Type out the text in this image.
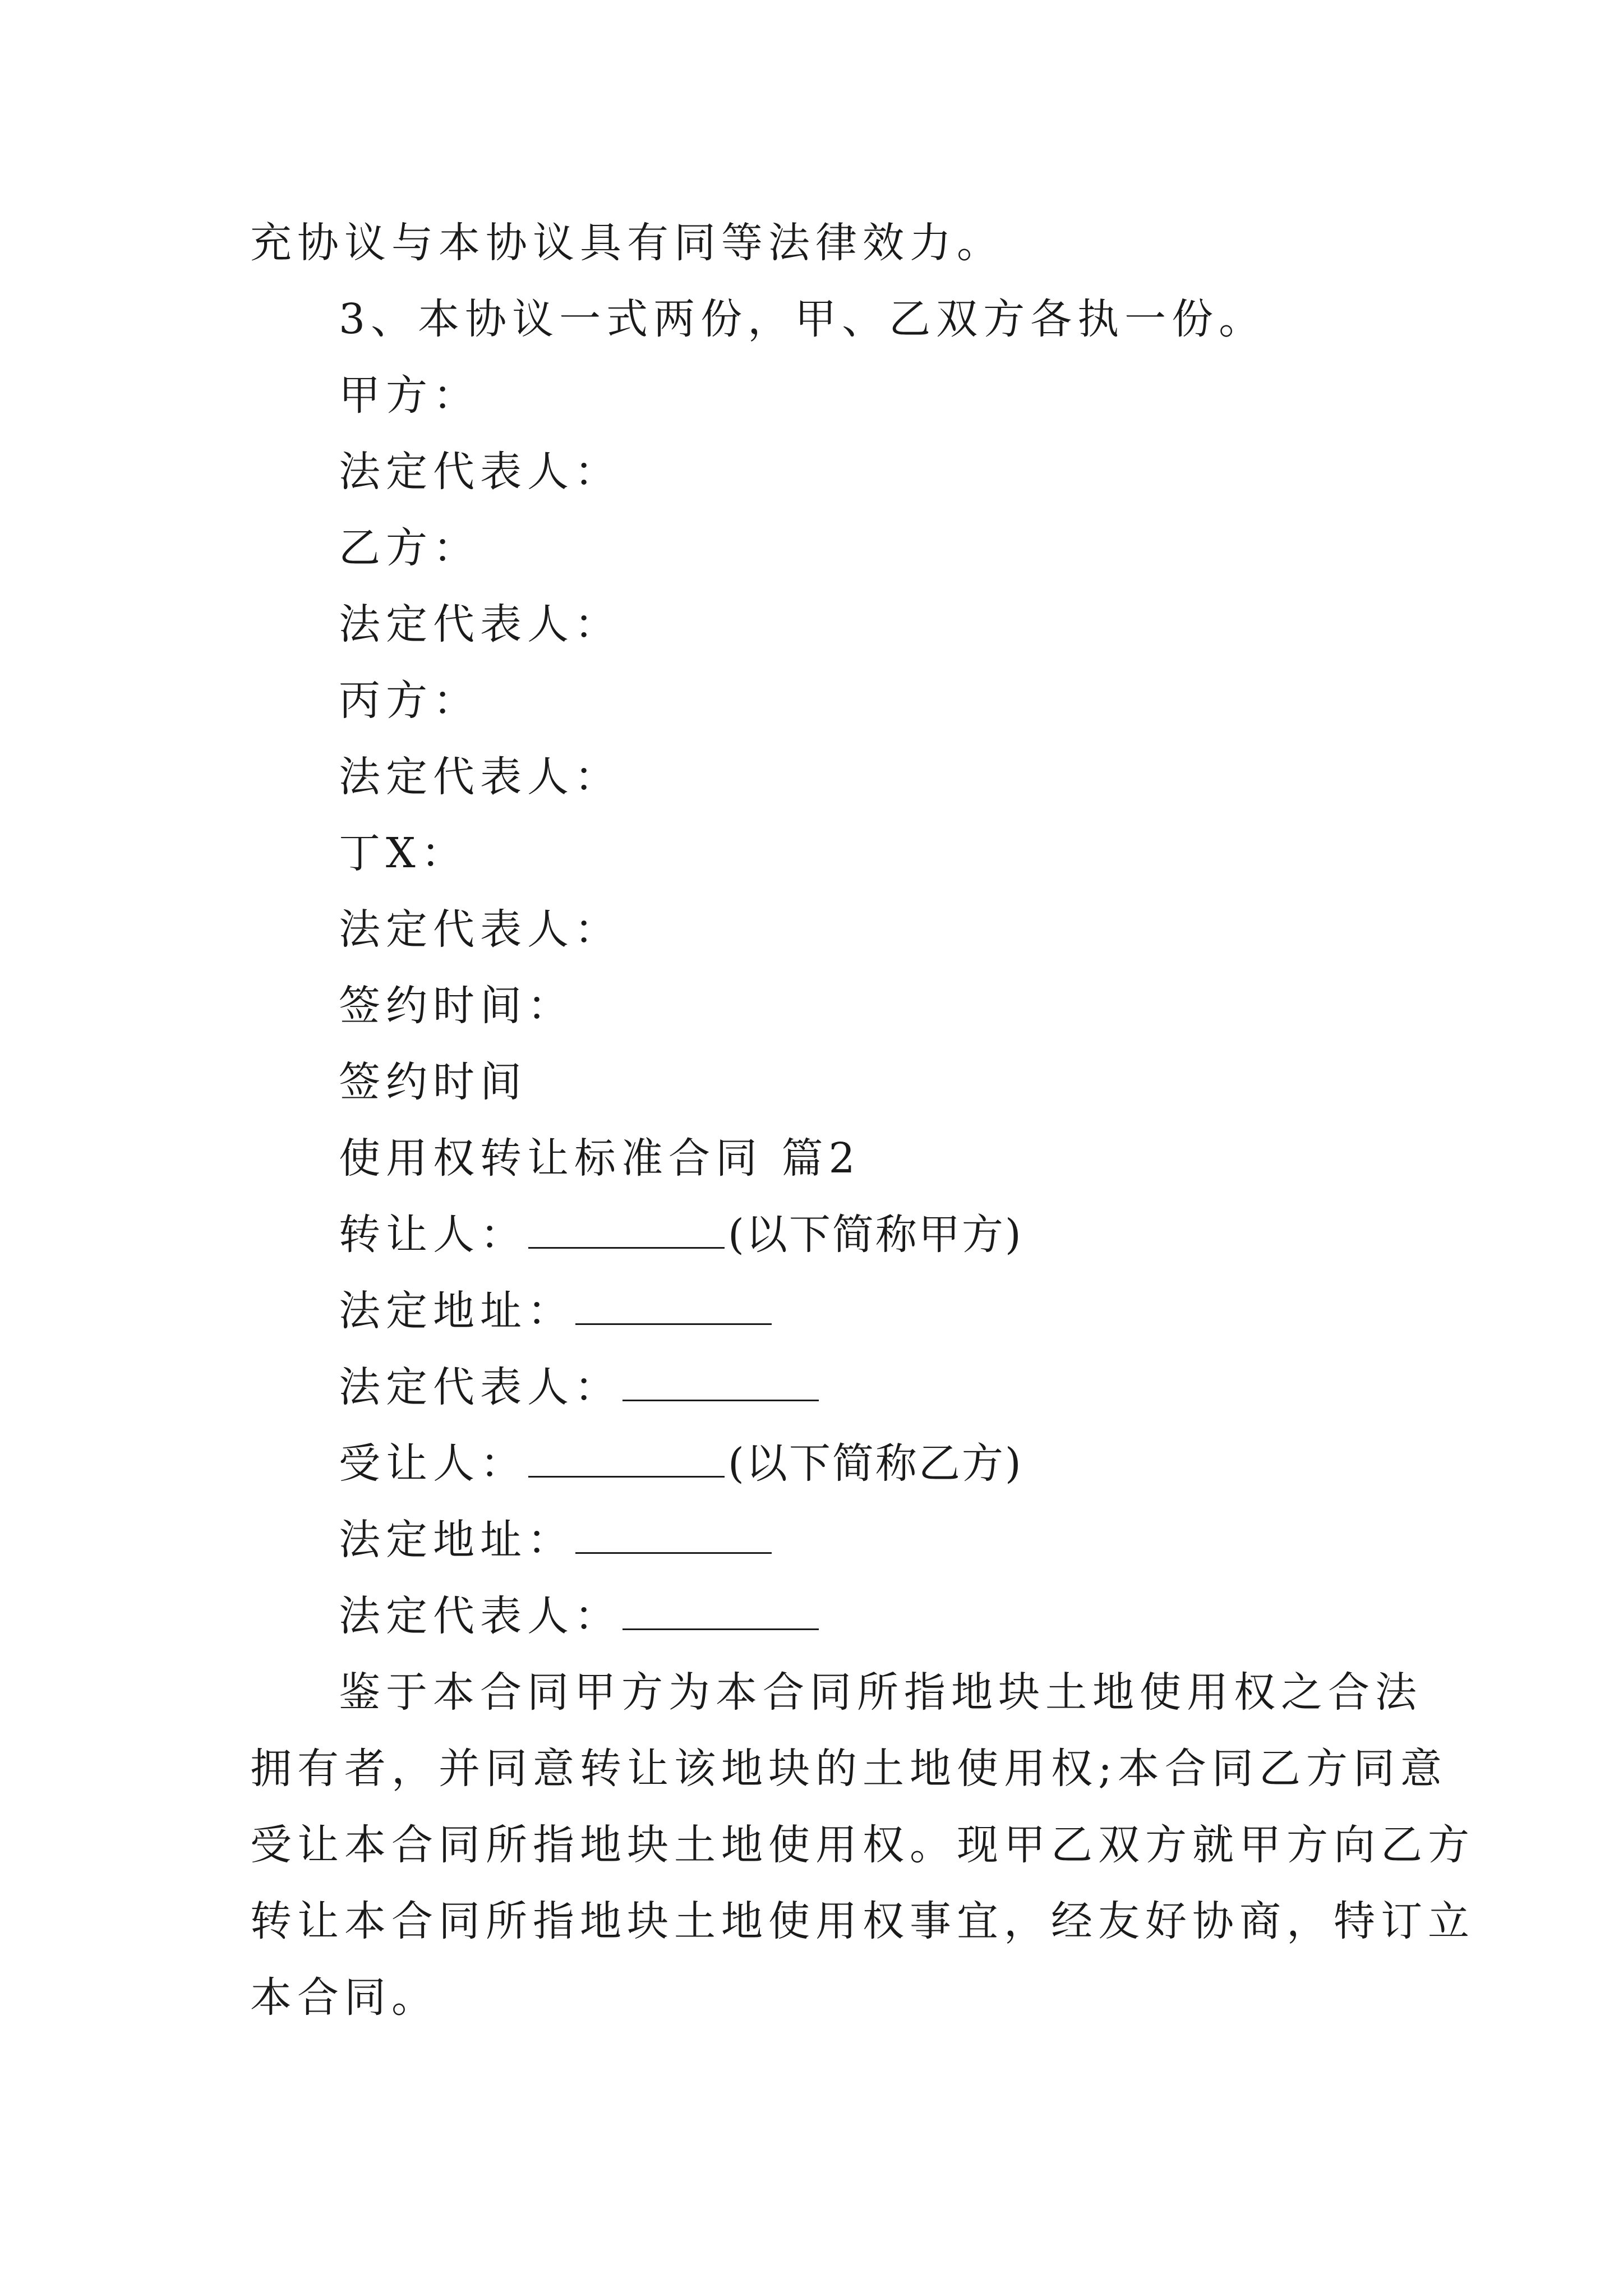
充协议与本协议具有同等法律效力。
3、本协议一式两份，甲、乙双方各执一份。
甲方：
法定代表人：
乙方：
法定代表人：
丙方：
法定代表人：
丁X：
法定代表人：
签约时间：
签约时间
使用权转让标准合同 篇2
转让人：	(以下简称甲方)
法定地址：
法定代表人：
受让人：	(以下简称乙方)
法定地址：
法定代表人：
鉴于本合同甲方为本合同所指地块土地使用权之合法
拥有者，并同意转让该地块的土地使用权;本合同乙方同意
受让本合同所指地块土地使用权。现甲乙双方就甲方向乙方
转让本合同所指地块土地使用权事宜，经友好协商，特订立
本合同。
